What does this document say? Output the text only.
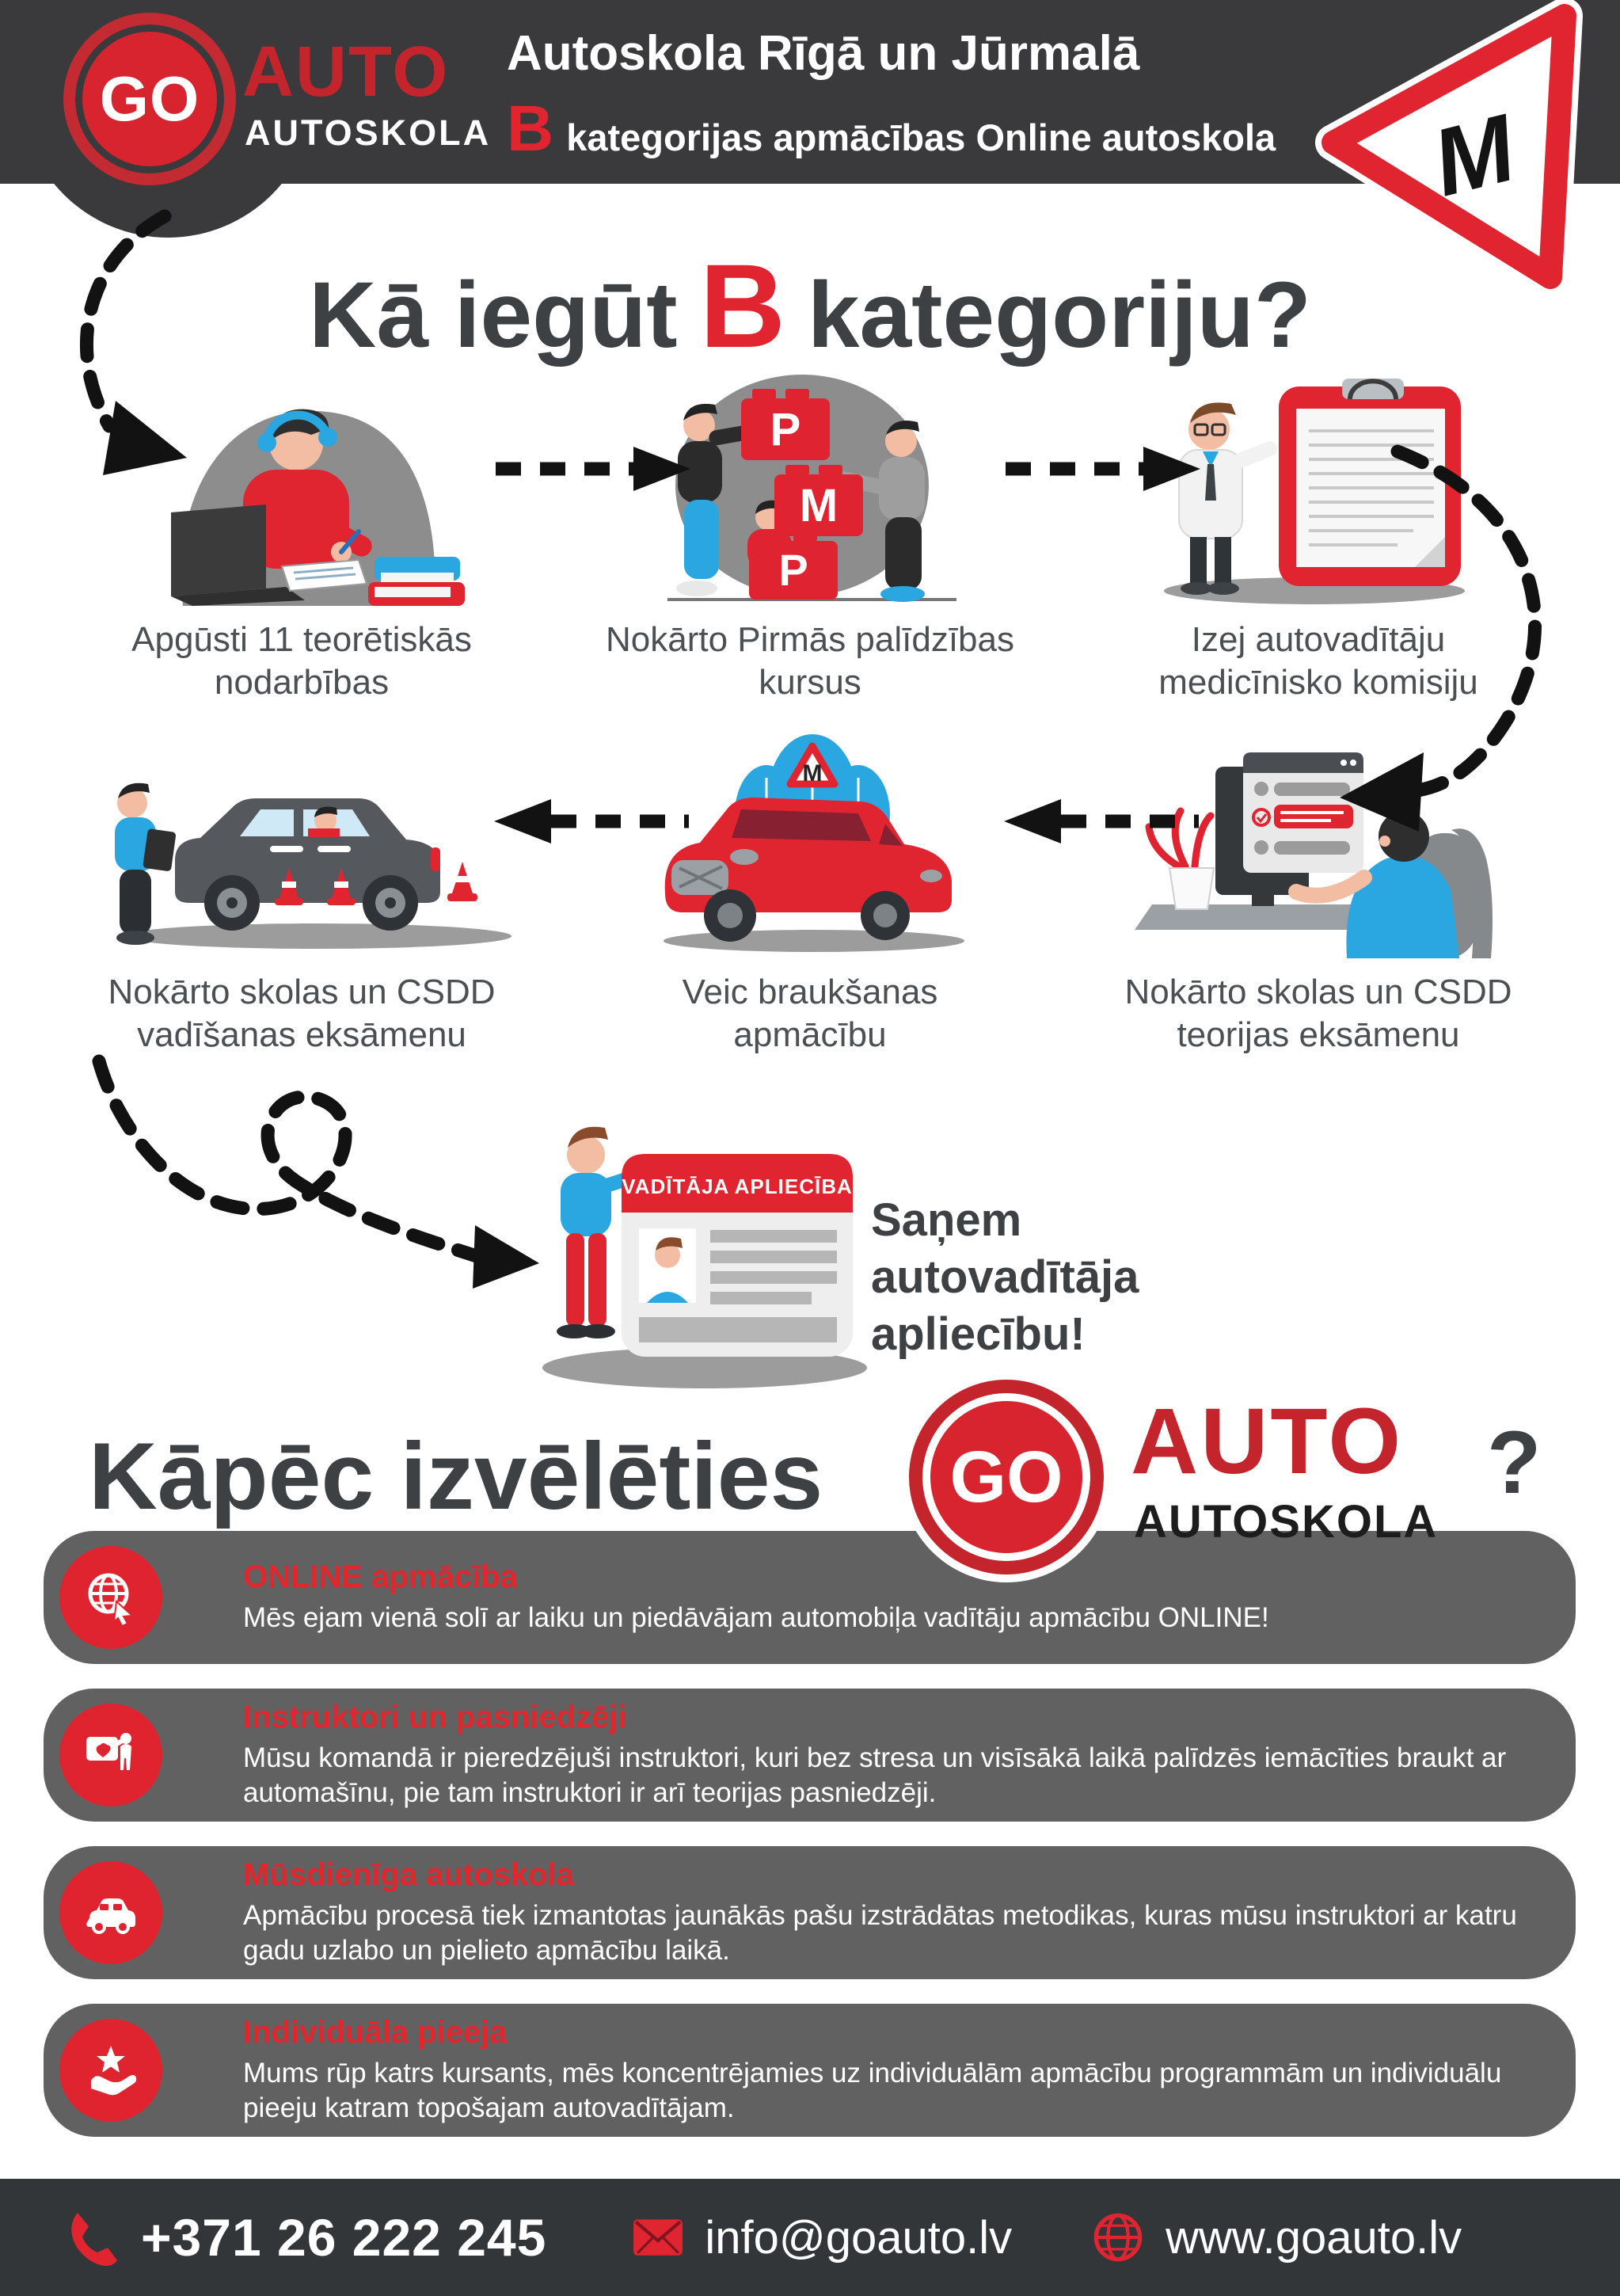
GO AUTO
AUTOSKOLA
Autoskola Rīgā un Jūrmalā
B kategorijas apmācības Online autoskola M
Kā iegūt B kategoriju?
Apgūsti 11 teorētiskās nodarbības
P
M
P
Nokārto Pirmās palīdzības kursus
Izej autovadītāju medicīnisko komisiju
Nokārto skolas un CSDD vadīšanas eksāmenu
M
Veic braukšanas apmācību
Nokārto skolas un CSDD teorijas eksāmenu
VADĪTĀJA APLIECĪBA
Saņem autovadītāja apliecību!
Kāpēc izvēlēties GO AUTO
AUTOSKOLA
?
ONLINE apmācība
Mēs ejam vienā solī ar laiku un piedāvājam automobiļa vadītāju apmācību ONLINE!
Instruktori un pasniedzēji
Mūsu komandā ir pieredzējuši instruktori, kuri bez stresa un visīsākā laikā palīdzēs iemācīties braukt ar automašīnu, pie tam instruktori ir arī teorijas pasniedzēji.
Mūsdienīga autoskola
Apmācību procesā tiek izmantotas jaunākās pašu izstrādātas metodikas, kuras mūsu instruktori ar katru gadu uzlabo un pielieto apmācību laikā.
Individuāla pieeja
Mums rūp katrs kursants, mēs koncentrējamies uz individuālām apmācību programmām un individuālu pieeju katram topošajam autovadītājam.
+371 26 222 245	info@goauto.lv	www.goauto.lv
